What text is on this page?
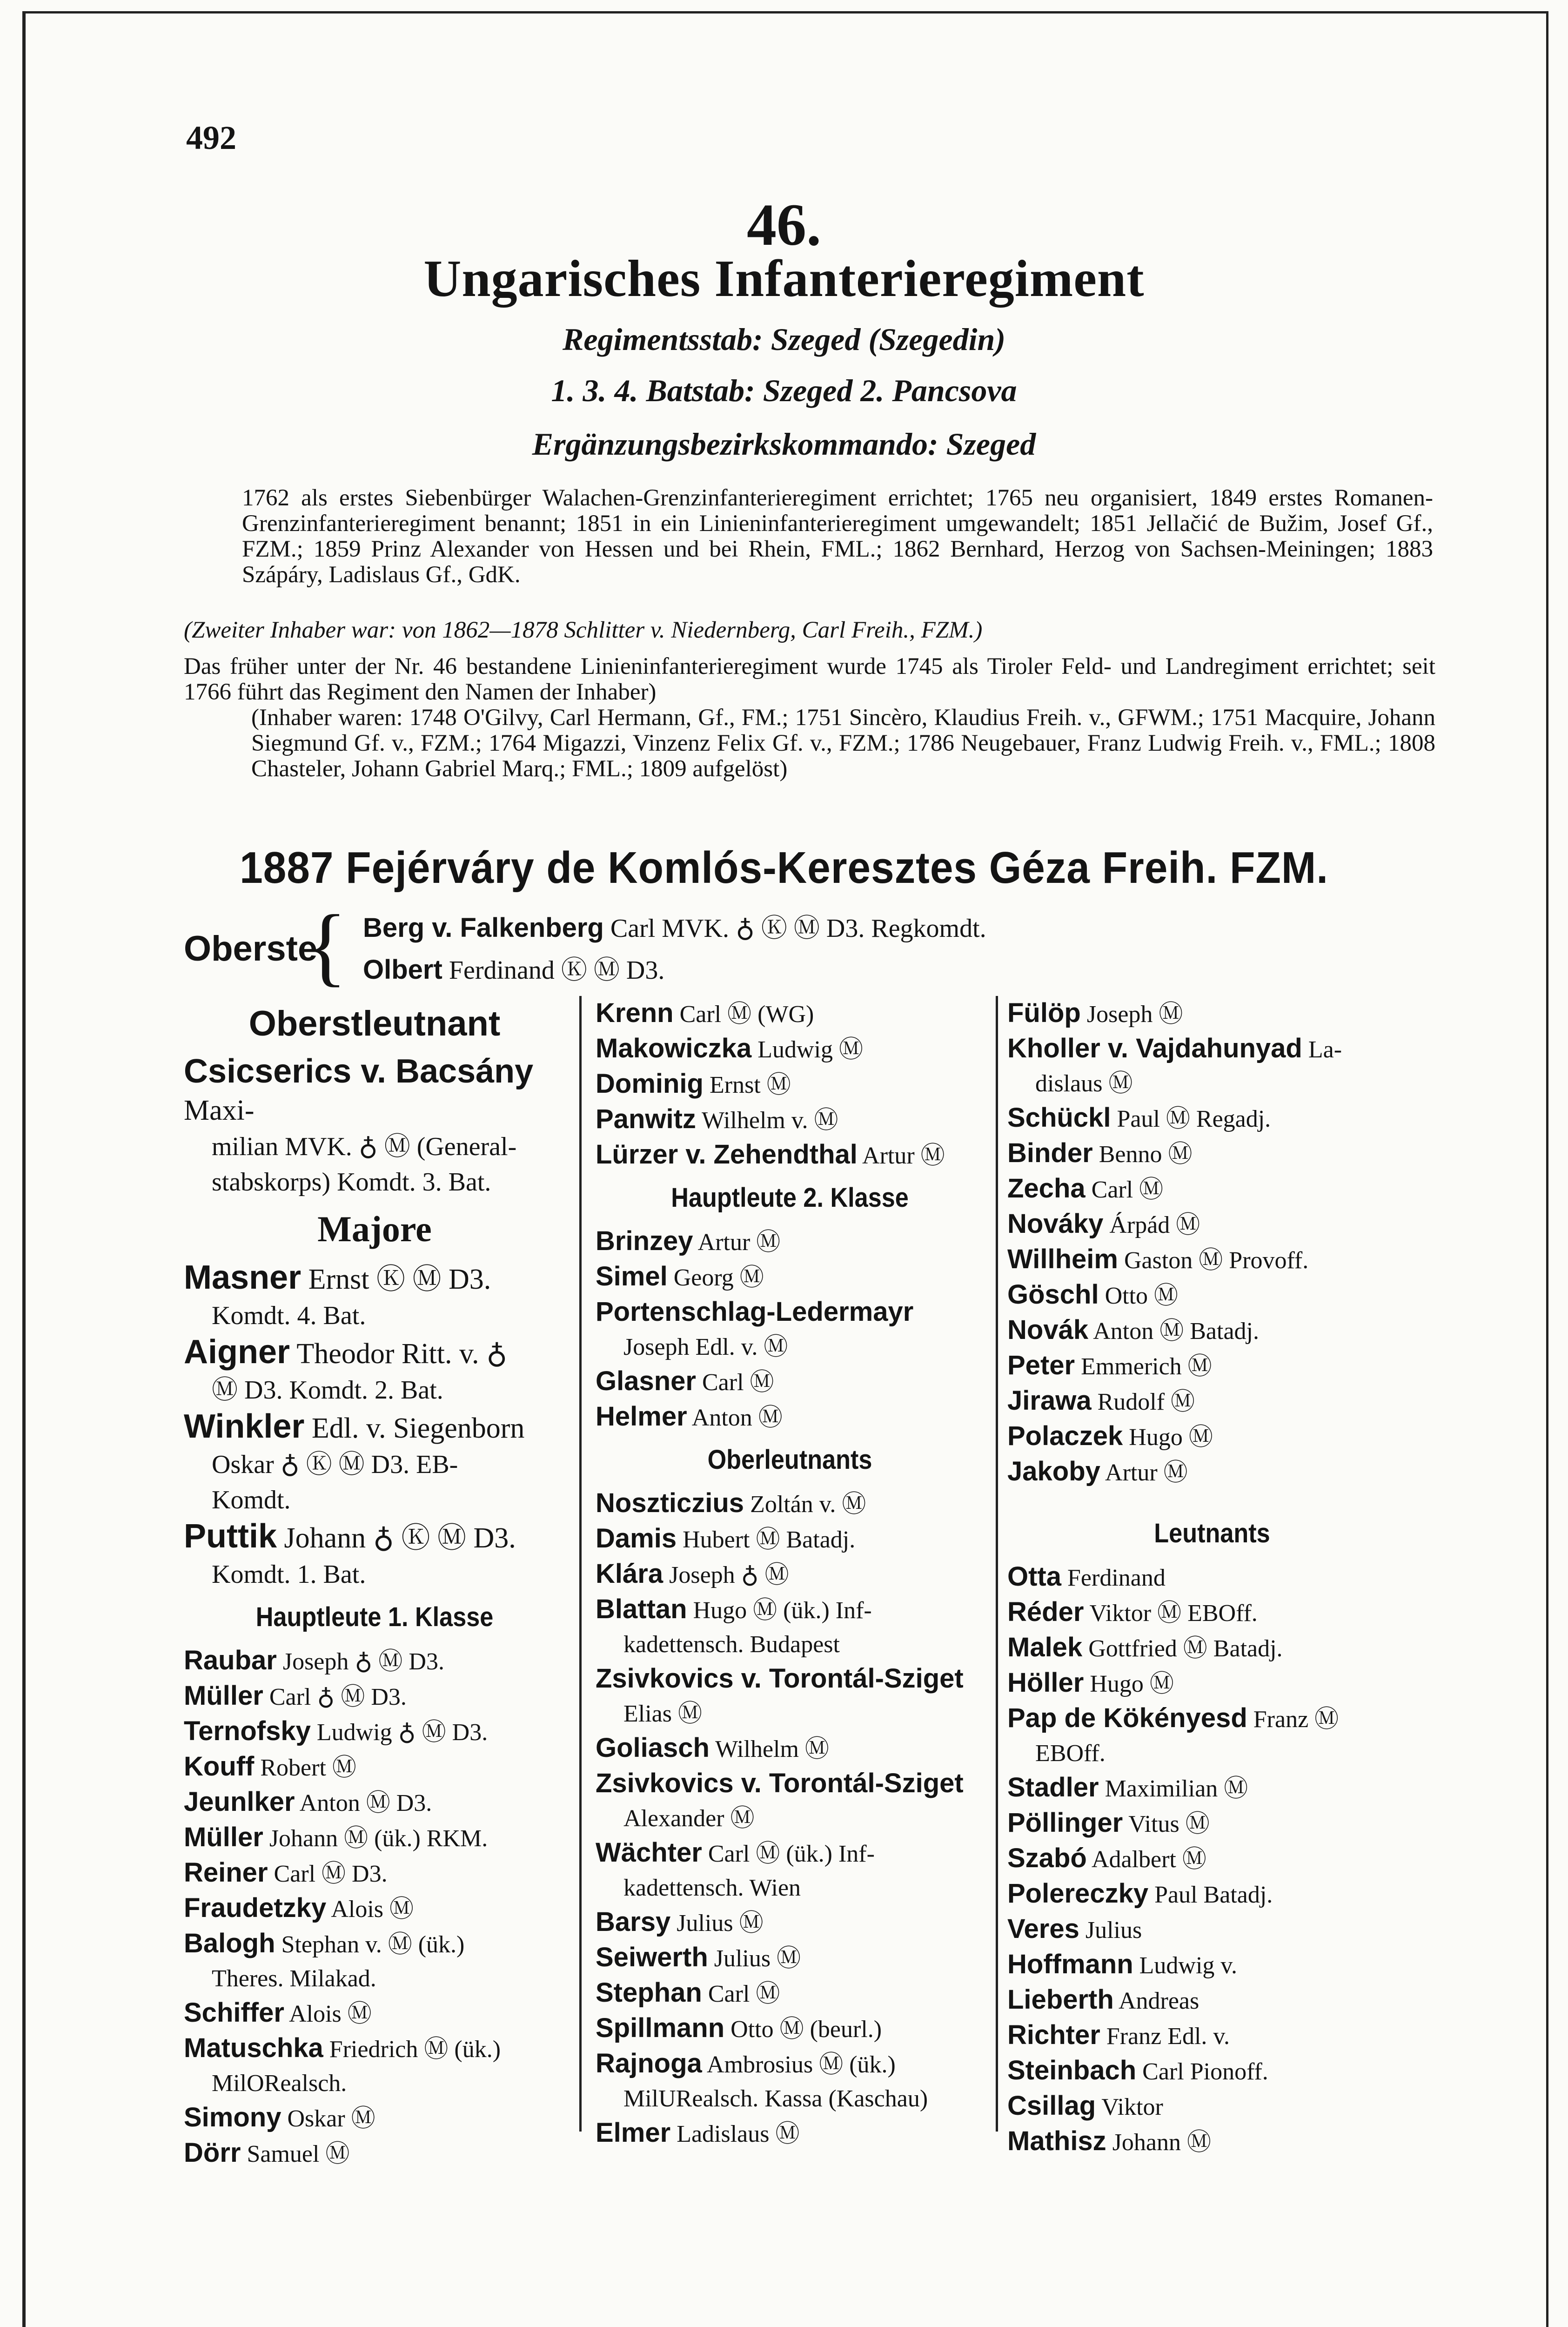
492
46.
Ungarisches Infanterieregiment
Regimentsstab: Szeged (Szegedin)
1. 3. 4. Batstab: Szeged 2. Pancsova
Ergänzungsbezirkskommando: Szeged
1762 als erstes Siebenbürger Walachen-Grenzinfanterieregiment errichtet; 1765 neu organisiert, 1849 erstes Romanen-Grenzinfanterieregiment benannt; 1851 in ein Linieninfanterieregiment umgewandelt; 1851 Jellačić de Bužim, Josef Gf., FZM.; 1859 Prinz Alexander von Hessen und bei Rhein, FML.; 1862 Bernhard, Herzog von Sachsen-Meiningen; 1883 Szápáry, Ladislaus Gf., GdK.
(Zweiter Inhaber war: von 1862—1878 Schlitter v. Niedernberg, Carl Freih., FZM.)
Das früher unter der Nr. 46 bestandene Linieninfanterieregiment wurde 1745 als Tiroler Feld- und Landregiment errichtet; seit 1766 führt das Regiment den Namen der Inhaber)
(Inhaber waren: 1748 O'Gilvy, Carl Hermann, Gf., FM.; 1751 Sincèro, Klaudius Freih. v., GFWM.; 1751 Macquire, Johann Siegmund Gf. v., FZM.; 1764 Migazzi, Vinzenz Felix Gf. v., FZM.; 1786 Neugebauer, Franz Ludwig Freih. v., FML.; 1808 Chasteler, Johann Gabriel Marq.; FML.; 1809 aufgelöst)
1887 Fejérváry de Komlós-Keresztes Géza Freih. FZM.
Oberste
{ Berg v. Falkenberg Carl MVK. ♁ Ⓚ Ⓜ D3. Regkomdt.
Olbert Ferdinand Ⓚ Ⓜ D3.
Oberstleutnant
Csicserics v. Bacsány Maxi-
milian MVK. ♁ Ⓜ (General-
stabskorps) Komdt. 3. Bat.
Majore
Masner Ernst Ⓚ Ⓜ D3.
Komdt. 4. Bat.
Aigner Theodor Ritt. v. ♁
Ⓜ D3. Komdt. 2. Bat.
Winkler Edl. v. Siegenborn
Oskar ♁ Ⓚ Ⓜ D3. EB-
Komdt.
Puttik Johann ♁ Ⓚ Ⓜ D3.
Komdt. 1. Bat.
Hauptleute 1. Klasse
Raubar Joseph ♁ Ⓜ D3.
Müller Carl ♁ Ⓜ D3.
Ternofsky Ludwig ♁ Ⓜ D3.
Kouff Robert Ⓜ
Jeunlker Anton Ⓜ D3.
Müller Johann Ⓜ (ük.) RKM.
Reiner Carl Ⓜ D3.
Fraudetzky Alois Ⓜ
Balogh Stephan v. Ⓜ (ük.)
Theres. Milakad.
Schiffer Alois Ⓜ
Matuschka Friedrich Ⓜ (ük.)
MilORealsch.
Simony Oskar Ⓜ
Dörr Samuel Ⓜ
Krenn Carl Ⓜ (WG)
Makowiczka Ludwig Ⓜ
Dominig Ernst Ⓜ
Panwitz Wilhelm v. Ⓜ
Lürzer v. Zehendthal Artur Ⓜ
Hauptleute 2. Klasse
Brinzey Artur Ⓜ
Simel Georg Ⓜ
Portenschlag-Ledermayr
Joseph Edl. v. Ⓜ
Glasner Carl Ⓜ
Helmer Anton Ⓜ
Oberleutnants
Noszticzius Zoltán v. Ⓜ
Damis Hubert Ⓜ Batadj.
Klára Joseph ♁ Ⓜ
Blattan Hugo Ⓜ (ük.) Inf-
kadettensch. Budapest
Zsivkovics v. Torontál-Sziget
Elias Ⓜ
Goliasch Wilhelm Ⓜ
Zsivkovics v. Torontál-Sziget
Alexander Ⓜ
Wächter Carl Ⓜ (ük.) Inf-
kadettensch. Wien
Barsy Julius Ⓜ
Seiwerth Julius Ⓜ
Stephan Carl Ⓜ
Spillmann Otto Ⓜ (beurl.)
Rajnoga Ambrosius Ⓜ (ük.)
MilURealsch. Kassa (Kaschau)
Elmer Ladislaus Ⓜ
Fülöp Joseph Ⓜ
Kholler v. Vajdahunyad La-
dislaus Ⓜ
Schückl Paul Ⓜ Regadj.
Binder Benno Ⓜ
Zecha Carl Ⓜ
Nováky Árpád Ⓜ
Willheim Gaston Ⓜ Provoff.
Göschl Otto Ⓜ
Novák Anton Ⓜ Batadj.
Peter Emmerich Ⓜ
Jirawa Rudolf Ⓜ
Polaczek Hugo Ⓜ
Jakoby Artur Ⓜ
Leutnants
Otta Ferdinand
Réder Viktor Ⓜ EBOff.
Malek Gottfried Ⓜ Batadj.
Höller Hugo Ⓜ
Pap de Kökényesd Franz Ⓜ
EBOff.
Stadler Maximilian Ⓜ
Pöllinger Vitus Ⓜ
Szabó Adalbert Ⓜ
Polereczky Paul Batadj.
Veres Julius
Hoffmann Ludwig v.
Lieberth Andreas
Richter Franz Edl. v.
Steinbach Carl Pionoff.
Csillag Viktor
Mathisz Johann Ⓜ
